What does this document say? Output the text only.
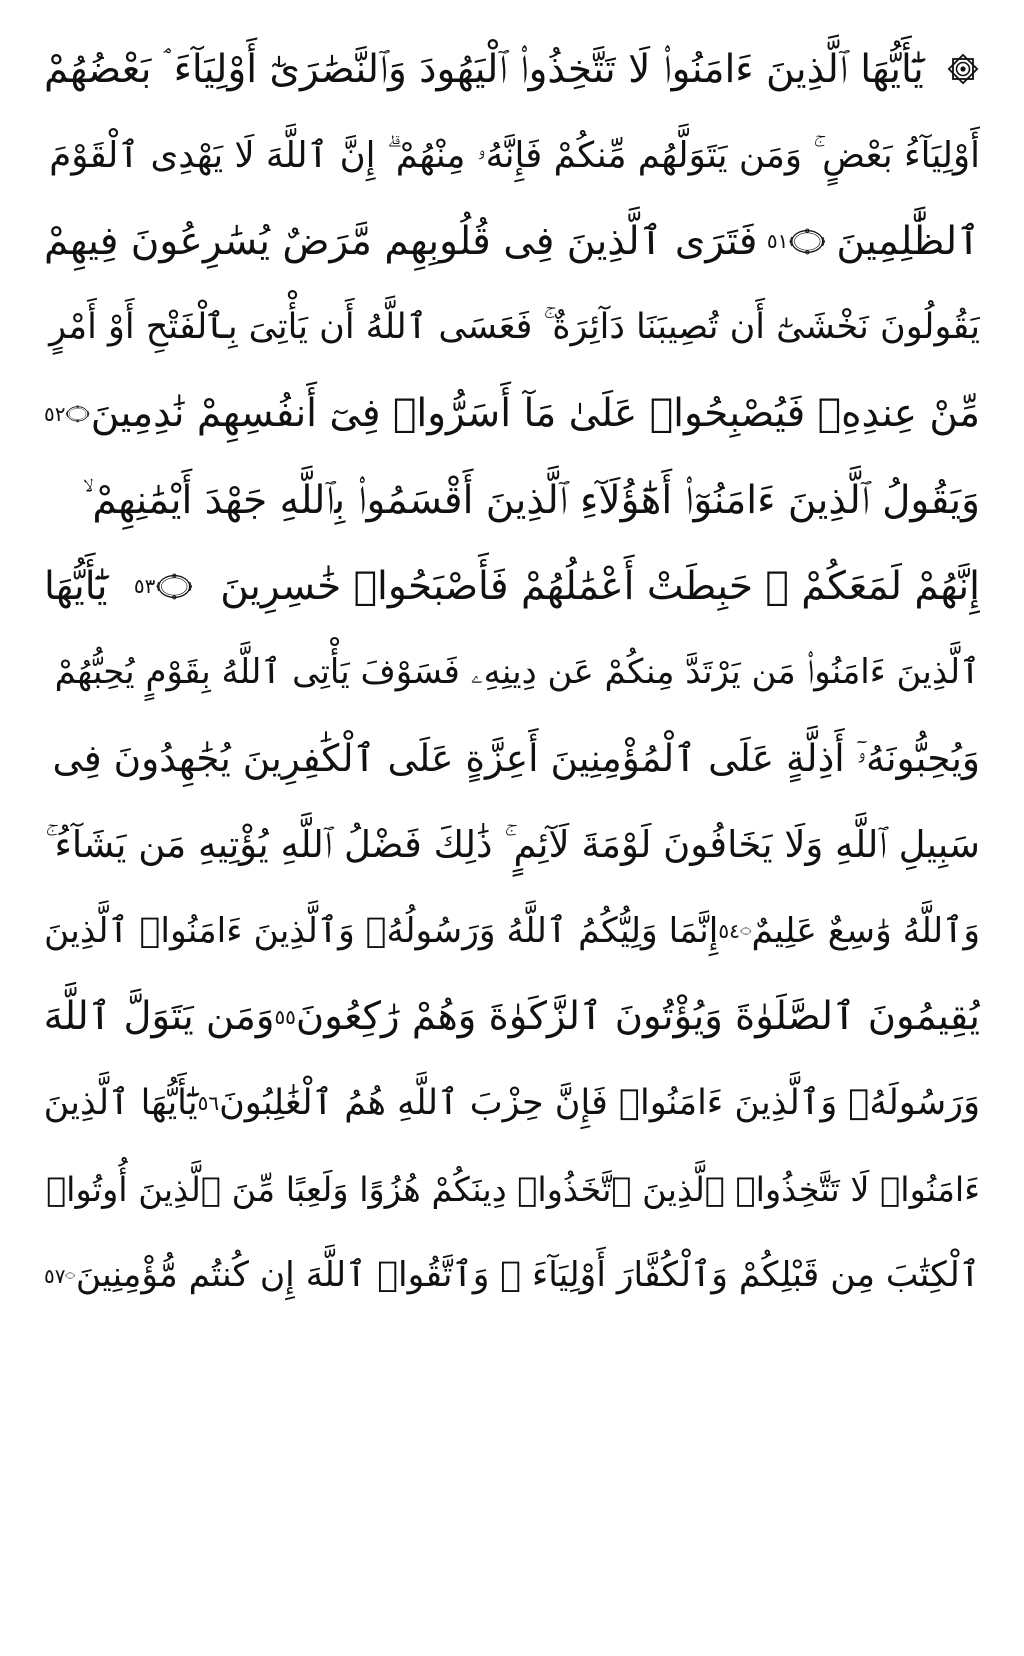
يَٰٓأَيُّهَا ٱلَّذِينَ ءَامَنُوا۟ لَا تَتَّخِذُوا۟ ٱلْيَهُودَ وَٱلنَّصَٰرَىٰٓ أَوْلِيَآءَ ۘ بَعْضُهُمْ
أَوْلِيَآءُ بَعْضٍ ۚ وَمَن يَتَوَلَّهُم مِّنكُمْ فَإِنَّهُۥ مِنْهُمْ ۗ إِنَّ ٱللَّهَ لَا يَهْدِى ٱلْقَوْمَ
ٱلظَّٰلِمِينَ
٥١
فَتَرَى ٱلَّذِينَ فِى قُلُوبِهِم مَّرَضٌ يُسَٰرِعُونَ فِيهِمْ
يَقُولُونَ نَخْشَىٰٓ أَن تُصِيبَنَا دَآئِرَةٌ ۚ فَعَسَى ٱللَّهُ أَن يَأْتِىَ بِٱلْفَتْحِ أَوْ أَمْرٍ
مِّنْ عِندِهِۦ فَيُصْبِحُوا۟ عَلَىٰ مَآ أَسَرُّوا۟ فِىٓ أَنفُسِهِمْ نَٰدِمِينَ
٥٢
وَيَقُولُ ٱلَّذِينَ ءَامَنُوٓا۟ أَهَٰٓؤُلَآءِ ٱلَّذِينَ أَقْسَمُوا۟ بِٱللَّهِ جَهْدَ أَيْمَٰنِهِمْ ۙ
إِنَّهُمْ لَمَعَكُمْ ۚ حَبِطَتْ أَعْمَٰلُهُمْ فَأَصْبَحُوا۟ خَٰسِرِينَ
٥٣
يَٰٓأَيُّهَا
ٱلَّذِينَ ءَامَنُوا۟ مَن يَرْتَدَّ مِنكُمْ عَن دِينِهِۦ فَسَوْفَ يَأْتِى ٱللَّهُ بِقَوْمٍ يُحِبُّهُمْ
وَيُحِبُّونَهُۥٓ أَذِلَّةٍ عَلَى ٱلْمُؤْمِنِينَ أَعِزَّةٍ عَلَى ٱلْكَٰفِرِينَ يُجَٰهِدُونَ فِى
سَبِيلِ ٱللَّهِ وَلَا يَخَافُونَ لَوْمَةَ لَآئِمٍ ۚ ذَٰلِكَ فَضْلُ ٱللَّهِ يُؤْتِيهِ مَن يَشَآءُ ۚ
وَٱللَّهُ وَٰسِعٌ عَلِيمٌ
٥٤
إِنَّمَا وَلِيُّكُمُ ٱللَّهُ وَرَسُولُهُۥ وَٱلَّذِينَ ءَامَنُوا۟ ٱلَّذِينَ
يُقِيمُونَ ٱلصَّلَوٰةَ وَيُؤْتُونَ ٱلزَّكَوٰةَ وَهُمْ رَٰكِعُونَ
٥٥
وَمَن يَتَوَلَّ ٱللَّهَ
وَرَسُولَهُۥ وَٱلَّذِينَ ءَامَنُوا۟ فَإِنَّ حِزْبَ ٱللَّهِ هُمُ ٱلْغَٰلِبُونَ
٥٦
يَٰٓأَيُّهَا ٱلَّذِينَ
ءَامَنُوا۟ لَا تَتَّخِذُوا۟ ٱلَّذِينَ ٱتَّخَذُوا۟ دِينَكُمْ هُزُوًا وَلَعِبًا مِّنَ ٱلَّذِينَ أُوتُوا۟
ٱلْكِتَٰبَ مِن قَبْلِكُمْ وَٱلْكُفَّارَ أَوْلِيَآءَ ۚ وَٱتَّقُوا۟ ٱللَّهَ إِن كُنتُم مُّؤْمِنِينَ
٥٧
